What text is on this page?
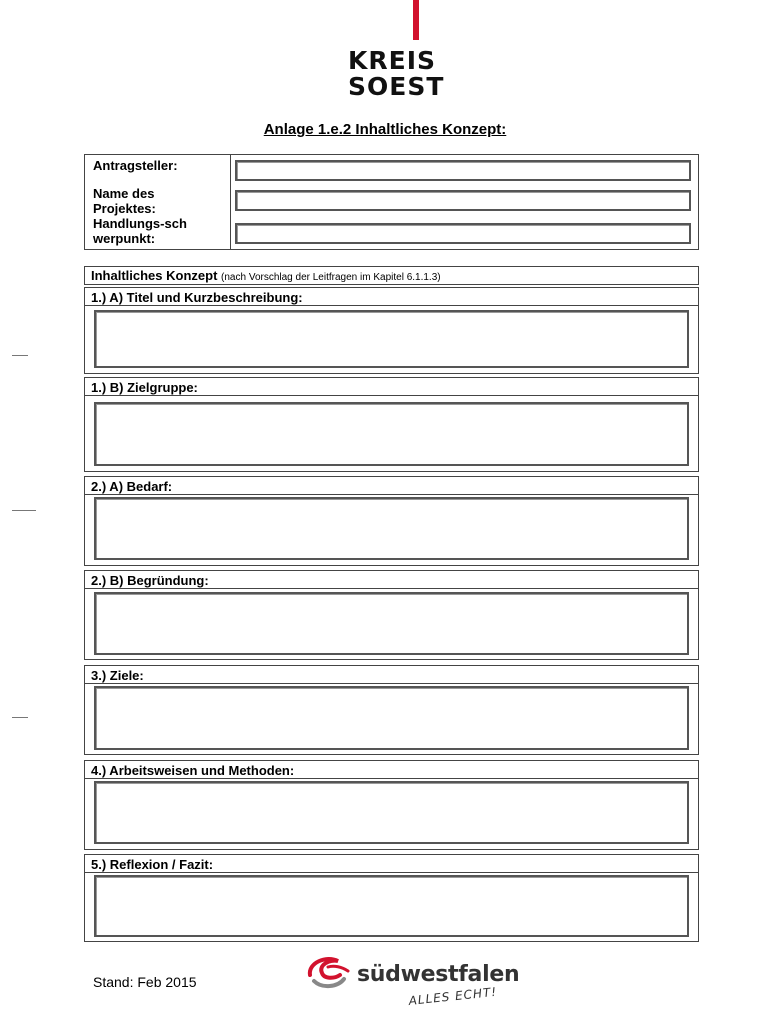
KREIS
SOEST
Anlage 1.e.2 Inhaltliches Konzept:
Antragsteller:
Name des Projektes:
Handlungs-schwerpunkt:
Inhaltliches Konzept (nach Vorschlag der Leitfragen im Kapitel 6.1.1.3)
1.) A) Titel und Kurzbeschreibung:
1.) B) Zielgruppe:
2.) A) Bedarf:
2.) B) Begründung:
3.) Ziele:
4.) Arbeitsweisen und Methoden:
5.) Reflexion / Fazit:
Stand: Feb 2015	südwestfalen
ALLES ECHT!
